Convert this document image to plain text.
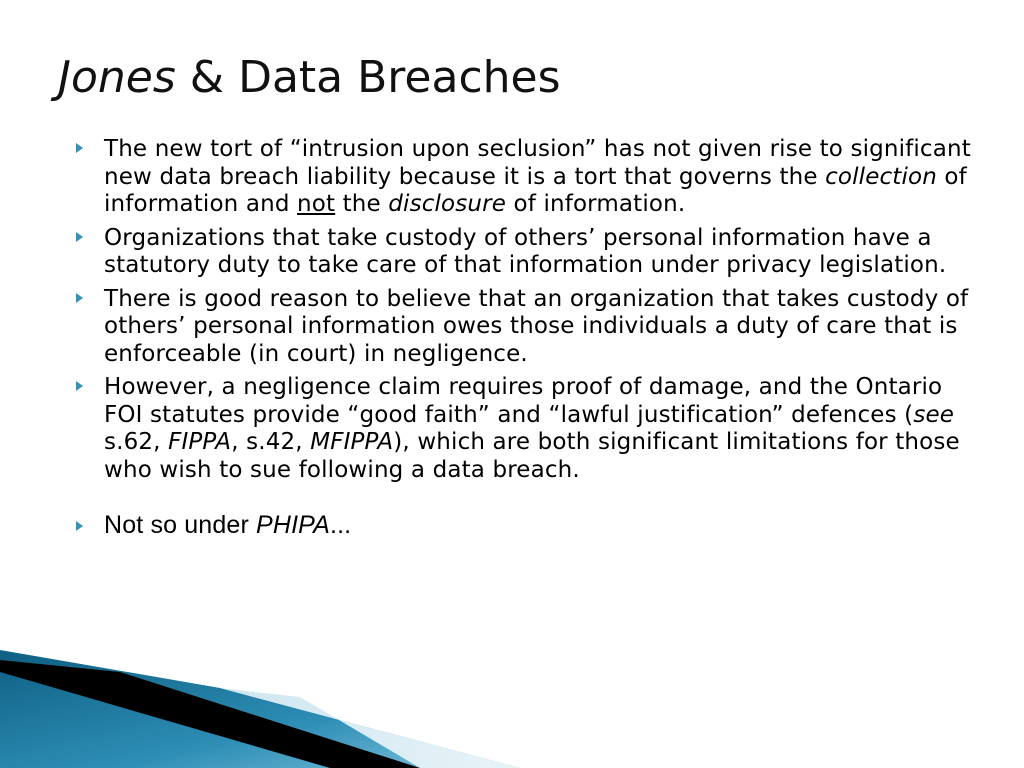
Jones & Data Breaches
The new tort of “intrusion upon seclusion” has not given rise to significant new data breach liability because it is a tort that governs the collection of information and not the disclosure of information.
Organizations that take custody of others’ personal information have a statutory duty to take care of that information under privacy legislation.
There is good reason to believe that an organization that takes custody of others’ personal information owes those individuals a duty of care that is enforceable (in court) in negligence.
However, a negligence claim requires proof of damage, and the Ontario FOI statutes provide “good faith” and “lawful justification” defences (see s.62, FIPPA, s.42, MFIPPA), which are both significant limitations for those who wish to sue following a data breach.
Not so under PHIPA...
